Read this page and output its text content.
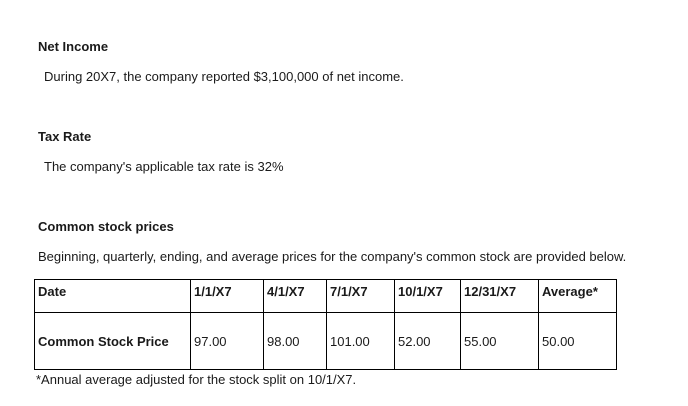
Net Income
During 20X7, the company reported $3,100,000 of net income.
Tax Rate
The company's applicable tax rate is 32%
Common stock prices
Beginning, quarterly, ending, and average prices for the company's common stock are provided below.
Date	1/1/X7	4/1/X7	7/1/X7	10/1/X7	12/31/X7	Average*
Common Stock Price	97.00	98.00	101.00	52.00	55.00	50.00
*Annual average adjusted for the stock split on 10/1/X7.
